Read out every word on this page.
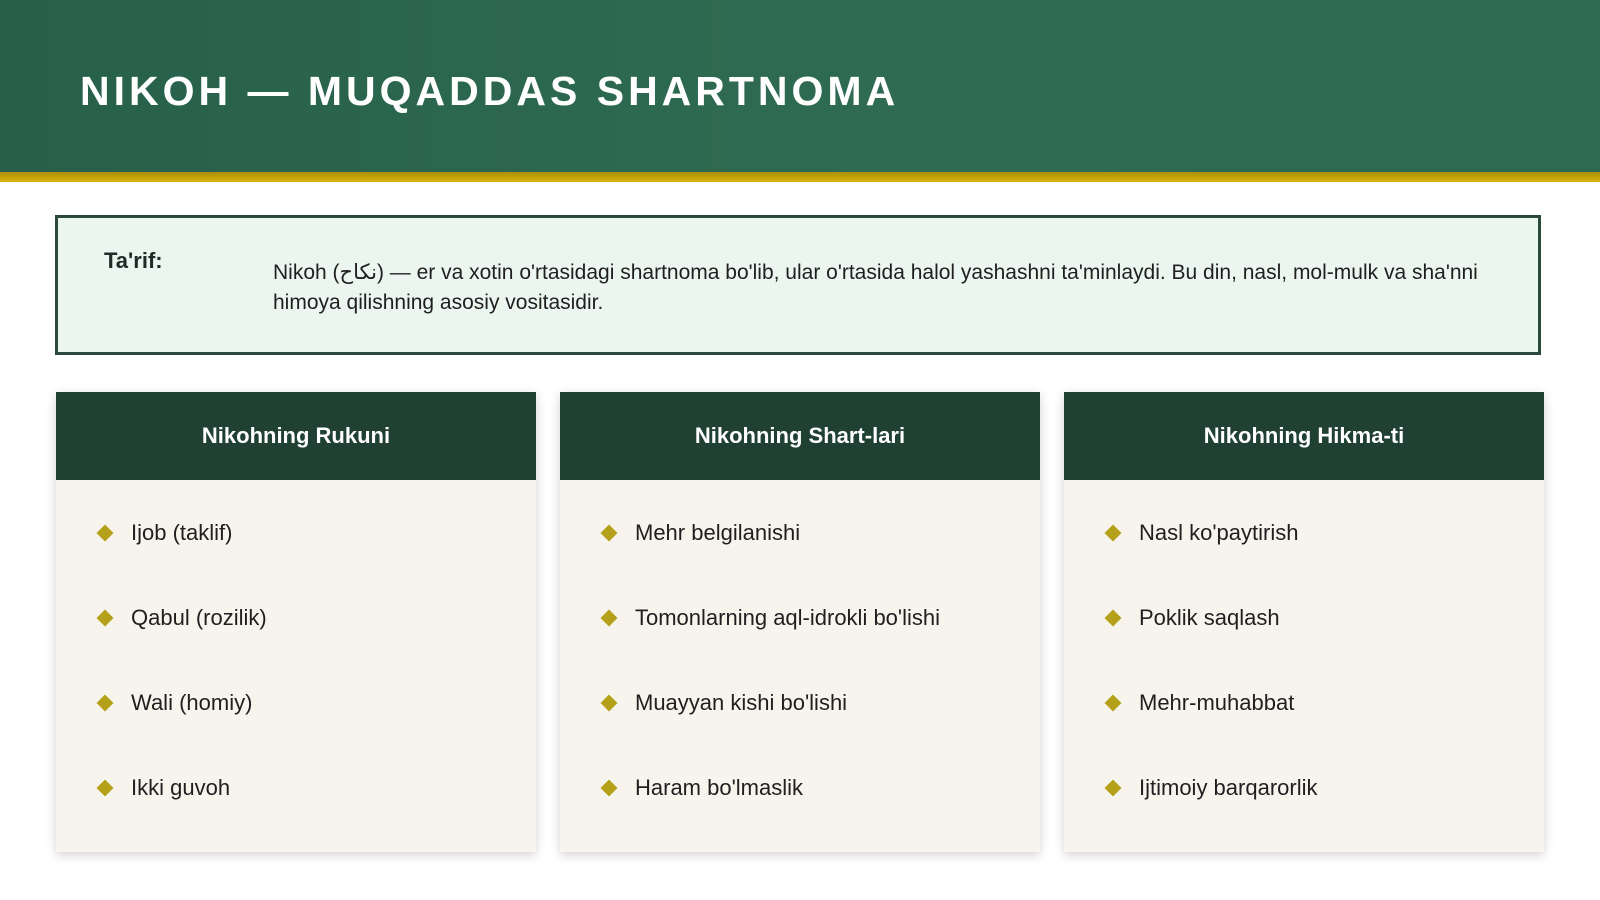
NIKOH — MUQADDAS SHARTNOMA
Ta'rif:	Nikoh (نكاح) — er va xotin o'rtasidagi shartnoma bo'lib, ular o'rtasida halol yashashni ta'minlaydi. Bu din, nasl, mol-mulk va sha'nni himoya qilishning asosiy vositasidir.
Nikohning Rukuni
Ijob (taklif)
Qabul (rozilik)
Wali (homiy)
Ikki guvoh
Nikohning Shart-lari
Mehr belgilanishi
Tomonlarning aql-idrokli bo'lishi
Muayyan kishi bo'lishi
Haram bo'lmaslik
Nikohning Hikma-ti
Nasl ko'paytirish
Poklik saqlash
Mehr-muhabbat
Ijtimoiy barqarorlik
